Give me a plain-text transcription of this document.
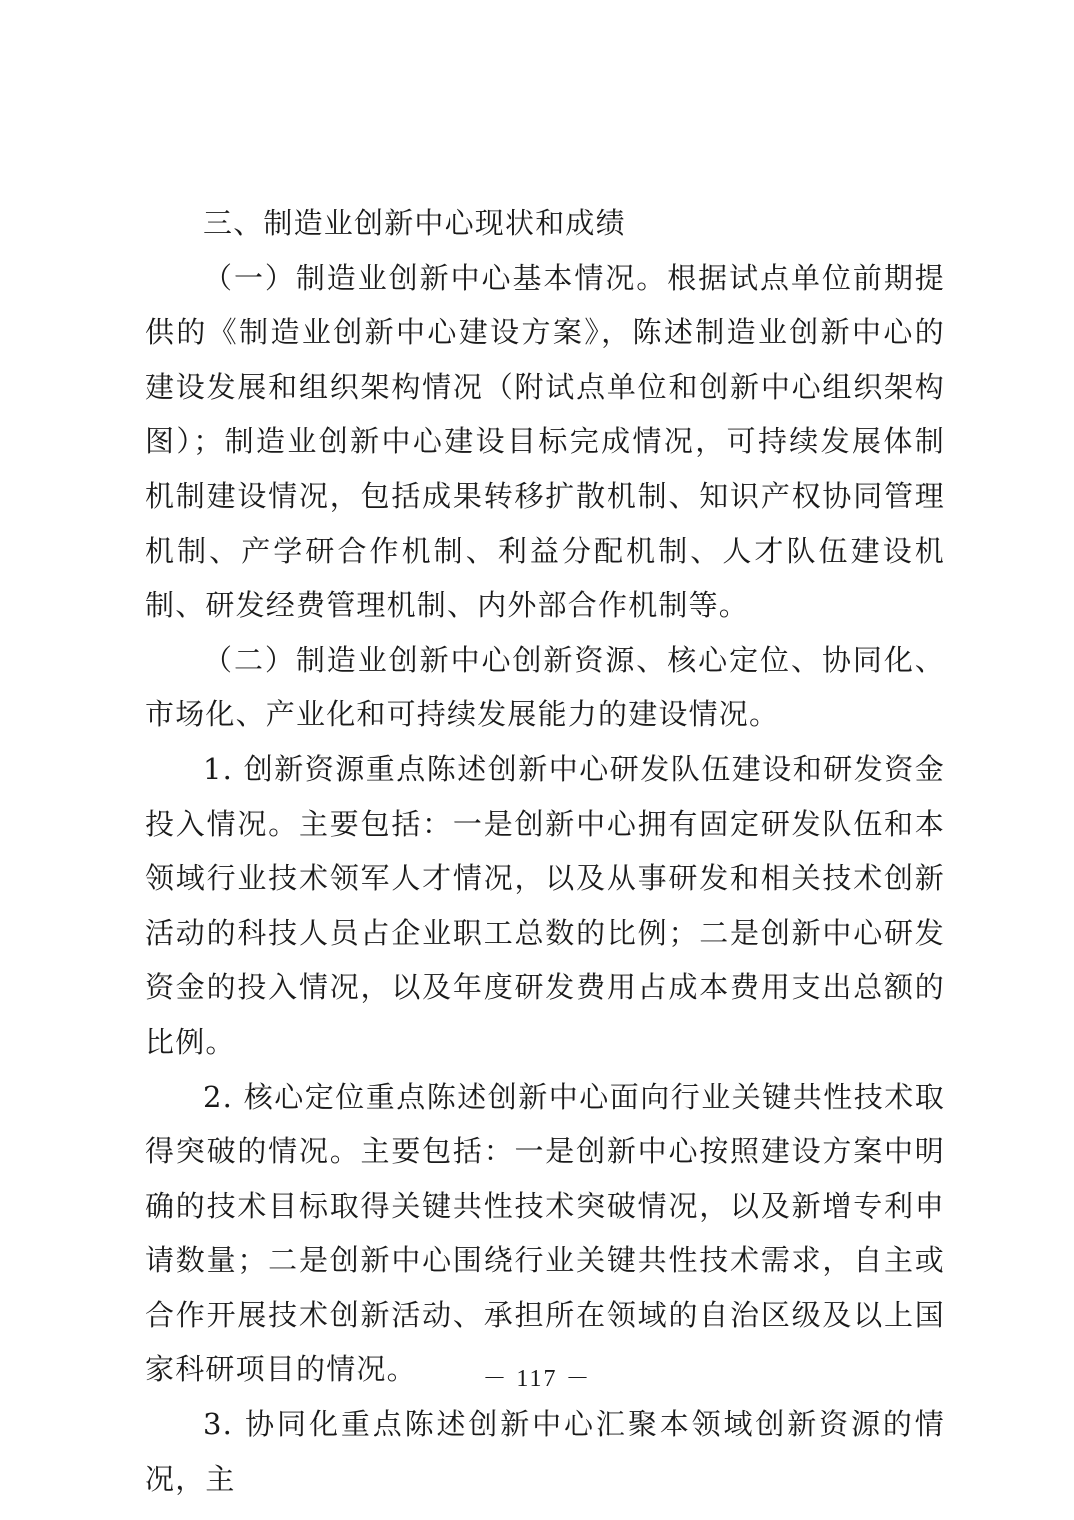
三、制造业创新中心现状和成绩

（一）制造业创新中心基本情况。根据试点单位前期提供的《制造业创新中心建设方案》，陈述制造业创新中心的建设发展和组织架构情况（附试点单位和创新中心组织架构图）；制造业创新中心建设目标完成情况，可持续发展体制机制建设情况，包括成果转移扩散机制、知识产权协同管理机制、产学研合作机制、利益分配机制、人才队伍建设机制、研发经费管理机制、内外部合作机制等。

（二）制造业创新中心创新资源、核心定位、协同化、市场化、产业化和可持续发展能力的建设情况。

1. 创新资源重点陈述创新中心研发队伍建设和研发资金投入情况。主要包括：一是创新中心拥有固定研发队伍和本领域行业技术领军人才情况，以及从事研发和相关技术创新活动的科技人员占企业职工总数的比例；二是创新中心研发资金的投入情况，以及年度研发费用占成本费用支出总额的比例。

2. 核心定位重点陈述创新中心面向行业关键共性技术取得突破的情况。主要包括：一是创新中心按照建设方案中明确的技术目标取得关键共性技术突破情况，以及新增专利申请数量；二是创新中心围绕行业关键共性技术需求，自主或合作开展技术创新活动、承担所在领域的自治区级及以上国家科研项目的情况。

3. 协同化重点陈述创新中心汇聚本领域创新资源的情况，主

－ 117 －
